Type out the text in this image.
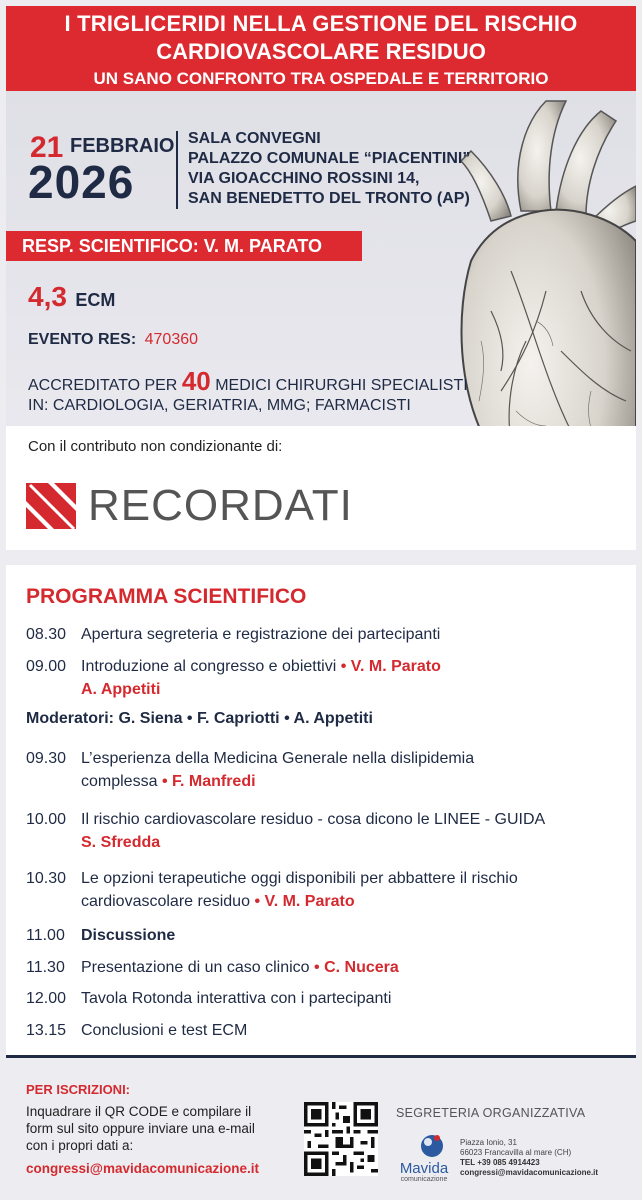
I TRIGLICERIDI NELLA GESTIONE DEL RISCHIO
CARDIOVASCOLARE RESIDUO
UN SANO CONFRONTO TRA OSPEDALE E TERRITORIO
21 FEBBRAIO
2026
SALA CONVEGNI
PALAZZO COMUNALE “PIACENTINI”
VIA GIOACCHINO ROSSINI 14,
SAN BENEDETTO DEL TRONTO (AP)
RESP. SCIENTIFICO: V. M. PARATO
4,3 ECM
EVENTO RES: 470360
ACCREDITATO PER 40 MEDICI CHIRURGHI SPECIALISTI
IN: CARDIOLOGIA, GERIATRIA, MMG; FARMACISTI
Con il contributo non condizionante di:
RECORDATI
PROGRAMMA SCIENTIFICO
08.30 Apertura segreteria e registrazione dei partecipanti
09.00 Introduzione al congresso e obiettivi • V. M. Parato
A. Appetiti
Moderatori: G. Siena • F. Capriotti • A. Appetiti
09.30 L’esperienza della Medicina Generale nella dislipidemia
complessa • F. Manfredi
10.00 Il rischio cardiovascolare residuo - cosa dicono le LINEE - GUIDA
S. Sfredda
10.30 Le opzioni terapeutiche oggi disponibili per abbattere il rischio
cardiovascolare residuo • V. M. Parato
11.00	Discussione
11.30	Presentazione di un caso clinico • C. Nucera
12.00 Tavola Rotonda interattiva con i partecipanti
13.15 Conclusioni e test ECM
PER ISCRIZIONI:
Inquadrare il QR CODE e compilare il
form sul sito oppure inviare una e-mail
con i propri dati a:
congressi@mavidacomunicazione.it
SEGRETERIA ORGANIZZATIVA
Mavida
comunicazione
Piazza Ionio, 31
66023 Francavilla al mare (CH)
TEL +39 085 4914423
congressi@mavidacomunicazione.it
